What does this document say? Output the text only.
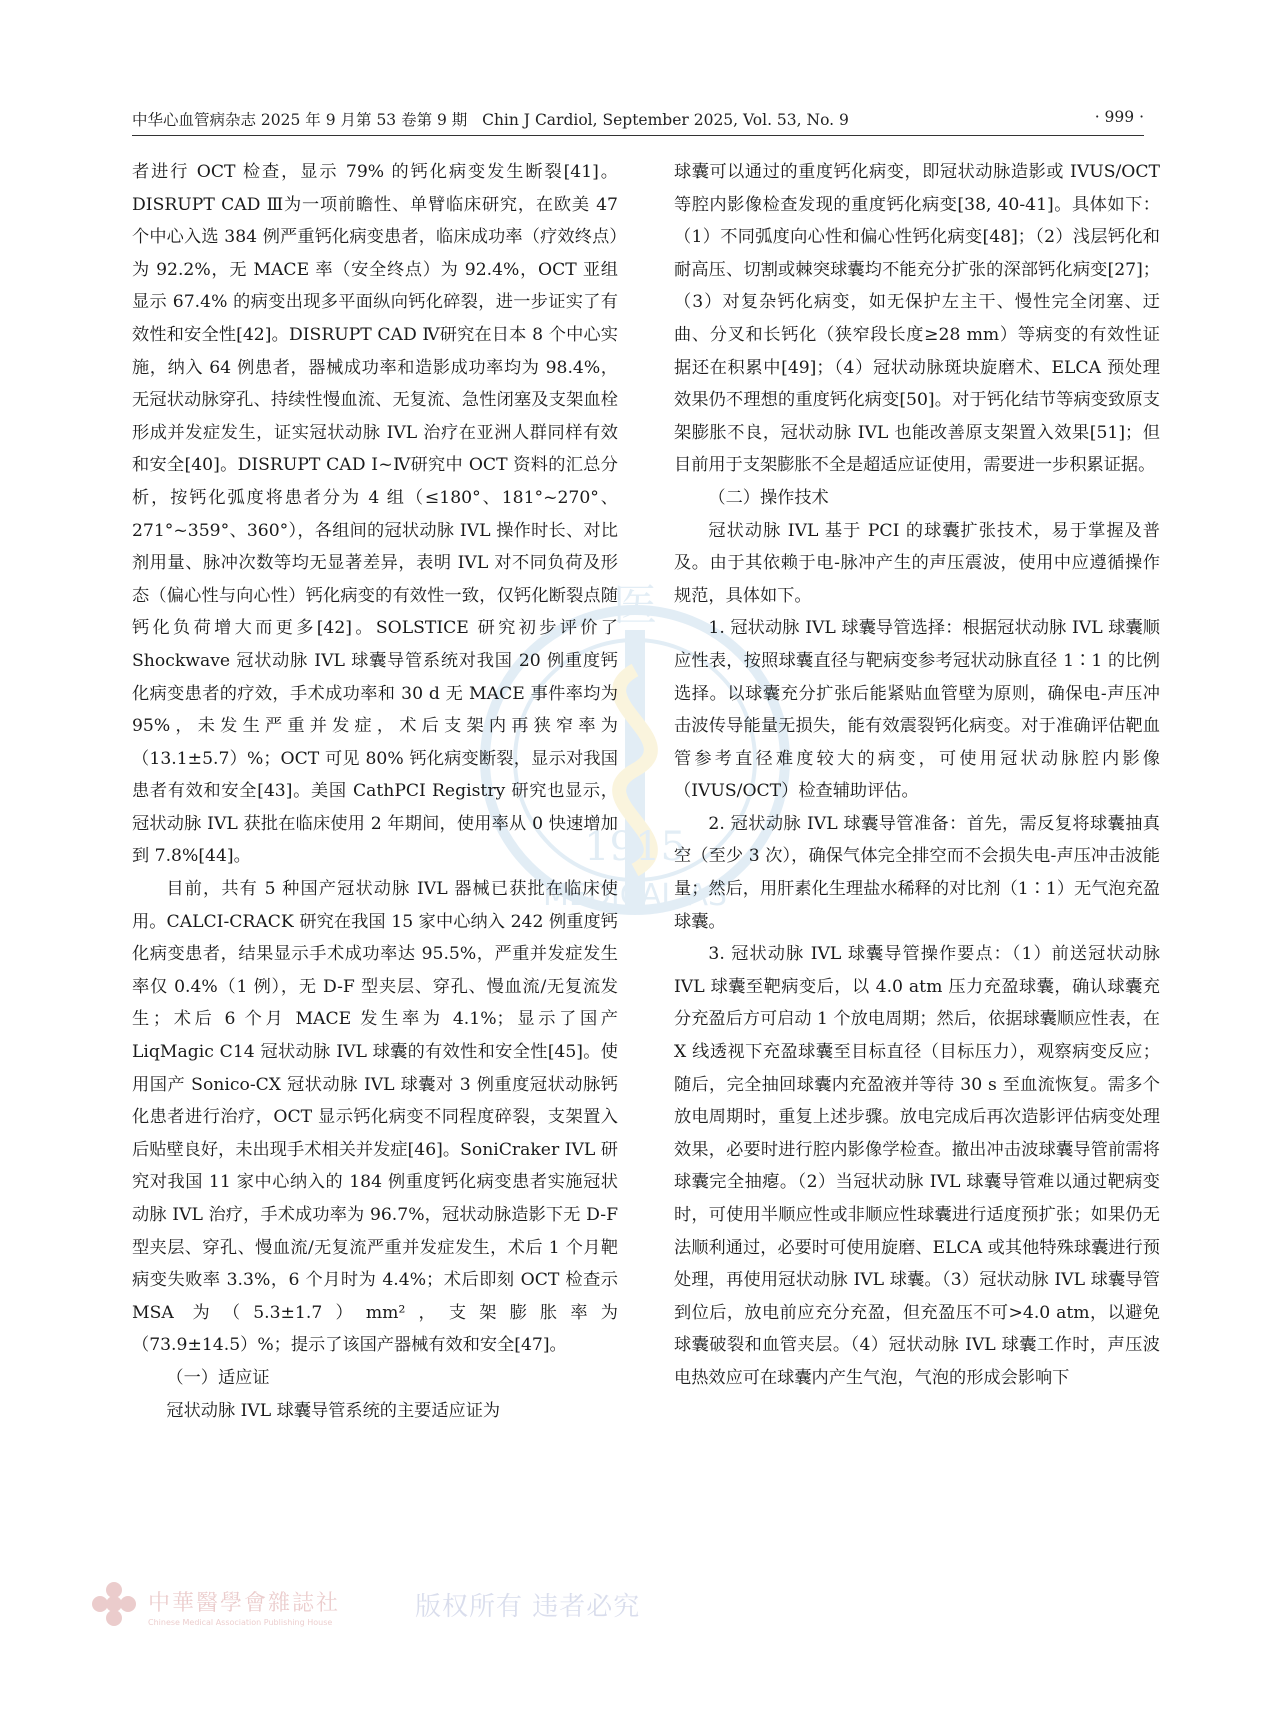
中华心血管病杂志 2025 年 9 月第 53 卷第 9 期 Chin J Cardiol, September 2025, Vol. 53, No. 9	· 999 ·
医
1915
MEDICAL AS

者进行 OCT 检查，显示 79% 的钙化病变发生断裂[41]。DISRUPT CAD Ⅲ为一项前瞻性、单臂临床研究，在欧美 47 个中心入选 384 例严重钙化病变患者，临床成功率（疗效终点）为 92.2%，无 MACE 率（安全终点）为 92.4%，OCT 亚组显示 67.4% 的病变出现多平面纵向钙化碎裂，进一步证实了有效性和安全性[42]。DISRUPT CAD Ⅳ研究在日本 8 个中心实施，纳入 64 例患者，器械成功率和造影成功率均为 98.4%，无冠状动脉穿孔、持续性慢血流、无复流、急性闭塞及支架血栓形成并发症发生，证实冠状动脉 IVL 治疗在亚洲人群同样有效和安全[40]。DISRUPT CAD Ⅰ~Ⅳ研究中 OCT 资料的汇总分析，按钙化弧度将患者分为 4 组（≤180°、181°~270°、271°~359°、360°），各组间的冠状动脉 IVL 操作时长、对比剂用量、脉冲次数等均无显著差异，表明 IVL 对不同负荷及形态（偏心性与向心性）钙化病变的有效性一致，仅钙化断裂点随钙化负荷增大而更多[42]。SOLSTICE 研究初步评价了 Shockwave 冠状动脉 IVL 球囊导管系统对我国 20 例重度钙化病变患者的疗效，手术成功率和 30 d 无 MACE 事件率均为 95%，未发生严重并发症，术后支架内再狭窄率为（13.1±5.7）%；OCT 可见 80% 钙化病变断裂，显示对我国患者有效和安全[43]。美国 CathPCI Registry 研究也显示，冠状动脉 IVL 获批在临床使用 2 年期间，使用率从 0 快速增加到 7.8%[44]。

目前，共有 5 种国产冠状动脉 IVL 器械已获批在临床使用。CALCI-CRACK 研究在我国 15 家中心纳入 242 例重度钙化病变患者，结果显示手术成功率达 95.5%，严重并发症发生率仅 0.4%（1 例），无 D-F 型夹层、穿孔、慢血流/无复流发生；术后 6 个月 MACE 发生率为 4.1%；显示了国产 LiqMagic C14 冠状动脉 IVL 球囊的有效性和安全性[45]。使用国产 Sonico-CX 冠状动脉 IVL 球囊对 3 例重度冠状动脉钙化患者进行治疗，OCT 显示钙化病变不同程度碎裂，支架置入后贴壁良好，未出现手术相关并发症[46]。SoniCraker IVL 研究对我国 11 家中心纳入的 184 例重度钙化病变患者实施冠状动脉 IVL 治疗，手术成功率为 96.7%，冠状动脉造影下无 D-F 型夹层、穿孔、慢血流/无复流严重并发症发生，术后 1 个月靶病变失败率 3.3%，6 个月时为 4.4%；术后即刻 OCT 检查示 MSA 为（5.3±1.7）mm²，支架膨胀率为（73.9±14.5）%；提示了该国产器械有效和安全[47]。

（一）适应证

冠状动脉 IVL 球囊导管系统的主要适应证为

球囊可以通过的重度钙化病变，即冠状动脉造影或 IVUS/OCT 等腔内影像检查发现的重度钙化病变[38, 40-41]。具体如下：（1）不同弧度向心性和偏心性钙化病变[48]；（2）浅层钙化和耐高压、切割或棘突球囊均不能充分扩张的深部钙化病变[27]；（3）对复杂钙化病变，如无保护左主干、慢性完全闭塞、迂曲、分叉和长钙化（狭窄段长度≥28 mm）等病变的有效性证据还在积累中[49]；（4）冠状动脉斑块旋磨术、ELCA 预处理效果仍不理想的重度钙化病变[50]。对于钙化结节等病变致原支架膨胀不良，冠状动脉 IVL 也能改善原支架置入效果[51]；但目前用于支架膨胀不全是超适应证使用，需要进一步积累证据。

（二）操作技术

冠状动脉 IVL 基于 PCI 的球囊扩张技术，易于掌握及普及。由于其依赖于电-脉冲产生的声压震波，使用中应遵循操作规范，具体如下。

1. 冠状动脉 IVL 球囊导管选择：根据冠状动脉 IVL 球囊顺应性表，按照球囊直径与靶病变参考冠状动脉直径 1∶1 的比例选择。以球囊充分扩张后能紧贴血管壁为原则，确保电-声压冲击波传导能量无损失，能有效震裂钙化病变。对于准确评估靶血管参考直径难度较大的病变，可使用冠状动脉腔内影像（IVUS/OCT）检查辅助评估。

2. 冠状动脉 IVL 球囊导管准备：首先，需反复将球囊抽真空（至少 3 次），确保气体完全排空而不会损失电-声压冲击波能量；然后，用肝素化生理盐水稀释的对比剂（1∶1）无气泡充盈球囊。

3. 冠状动脉 IVL 球囊导管操作要点：（1）前送冠状动脉 IVL 球囊至靶病变后，以 4.0 atm 压力充盈球囊，确认球囊充分充盈后方可启动 1 个放电周期；然后，依据球囊顺应性表，在 X 线透视下充盈球囊至目标直径（目标压力），观察病变反应；随后，完全抽回球囊内充盈液并等待 30 s 至血流恢复。需多个放电周期时，重复上述步骤。放电完成后再次造影评估病变处理效果，必要时进行腔内影像学检查。撤出冲击波球囊导管前需将球囊完全抽瘪。（2）当冠状动脉 IVL 球囊导管难以通过靶病变时，可使用半顺应性或非顺应性球囊进行适度预扩张；如果仍无法顺利通过，必要时可使用旋磨、ELCA 或其他特殊球囊进行预处理，再使用冠状动脉 IVL 球囊。（3）冠状动脉 IVL 球囊导管到位后，放电前应充分充盈，但充盈压不可>4.0 atm，以避免球囊破裂和血管夹层。（4）冠状动脉 IVL 球囊工作时，声压波电热效应可在球囊内产生气泡，气泡的形成会影响下

中華醫學會雜誌社
Chinese Medical Association Publishing House
版权所有 违者必究
